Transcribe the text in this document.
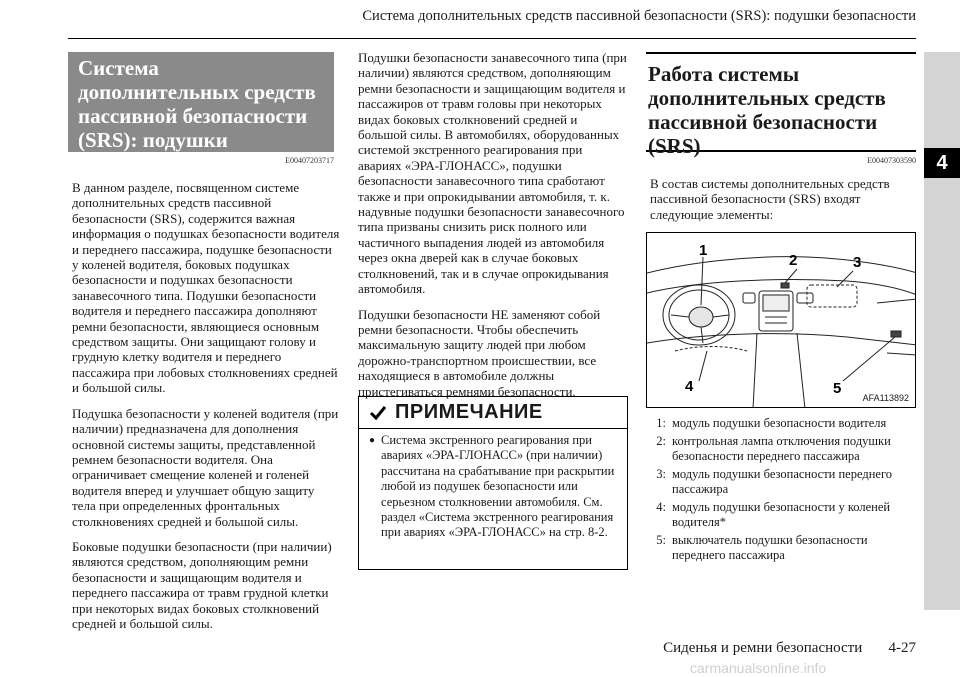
Система дополнительных средств пассивной безопасности (SRS): подушки безопасности
4
Система дополнительных средств пассивной безопасности (SRS): подушки безопасности	E00407203717

В данном разделе, посвященном системе дополнительных средств пассивной безопасности (SRS), содержится важная информация о подушках безопасности водителя и переднего пассажира, подушке безопасности у коленей водителя, боковых подушках безопасности и подушках безопасности занавесочного типа. Подушки безопасности водителя и переднего пассажира дополняют ремни безопасности, являющиеся основным средством защиты. Они защищают голову и грудную клетку водителя и переднего пассажира при лобовых столкновениях средней и большой силы.

Подушка безопасности у коленей водителя (при наличии) предназначена для дополнения основной системы защиты, представленной ремнем безопасности водителя. Она ограничивает смещение коленей и голеней водителя вперед и улучшает общую защиту тела при определенных фронтальных столкновениях средней и большой силы.

Боковые подушки безопасности (при наличии) являются средством, дополняющим ремни безопасности и защищающим водителя и переднего пассажира от травм грудной клетки при некоторых видах боковых столкновений средней и большой силы.

Подушки безопасности занавесочного типа (при наличии) являются средством, дополняющим ремни безопасности и защищающим водителя и пассажиров от травм головы при некоторых видах боковых столкновений средней и большой силы. В автомобилях, оборудованных системой экстренного реагирования при авариях «ЭРА-ГЛОНАСС», подушки безопасности занавесочного типа сработают также и при опрокидывании автомобиля, т. к. надувные подушки безопасности занавесочного типа призваны снизить риск полного или частичного выпадения людей из автомобиля через окна дверей как в случае боковых столкновений, так и в случае опрокидывания автомобиля.

Подушки безопасности НЕ заменяют собой ремни безопасности. Чтобы обеспечить максимальную защиту людей при любом дорожно-транспортном происшествии, все находящиеся в автомобиле должны пристегиваться ремнями безопасности.

ПРИМЕЧАНИЕ
● Система экстренного реагирования при авариях «ЭРА-ГЛОНАСС» (при наличии) рассчитана на срабатывание при раскрытии любой из подушек безопасности или серьезном столкновении автомобиля. См. раздел «Система экстренного реагирования при авариях «ЭРА-ГЛОНАСС» на стр. 8-2.
Работа системы дополнительных средств пассивной безопасности (SRS)
E00407303590
В состав системы дополнительных средств пассивной безопасности (SRS) входят следующие элементы:
1
2	3
4	5
AFA113892
1: модуль подушки безопасности водителя
2: контрольная лампа отключения подушки безопасности переднего пассажира
3: модуль подушки безопасности переднего пассажира
4: модуль подушки безопасности у коленей водителя*
5: выключатель подушки безопасности переднего пассажира
Сиденья и ремни безопасности 4-27
carmanualsonline.info
